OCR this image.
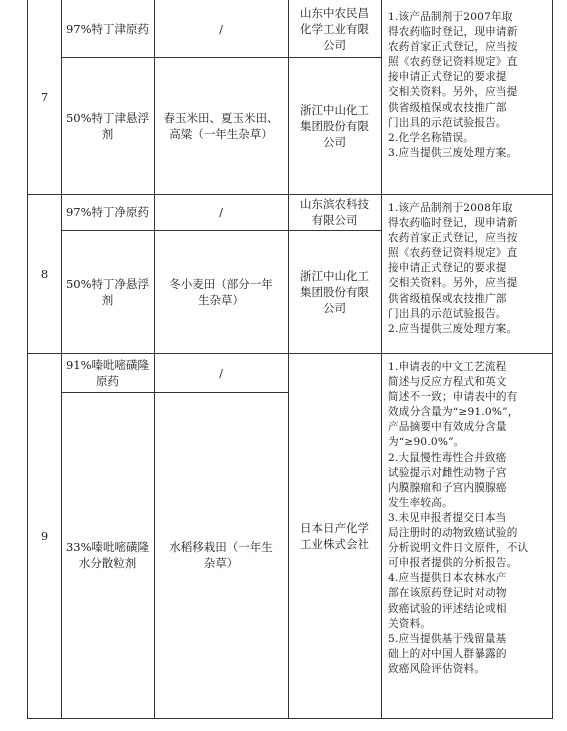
7
97%特丁津原药	/
山东中农民昌
化学工业有限
公司
50%特丁津悬浮
剂
春玉米田、夏玉米田、
高粱（一年生杂草）
浙江中山化工
集团股份有限
公司
1.该产品制剂于2007年取
得农药临时登记，现申请新
农药首家正式登记，应当按
照《农药登记资料规定》直
接申请正式登记的要求提
交相关资料。另外，应当提
供省级植保或农技推广部
门出具的示范试验报告。
2.化学名称错误。
3.应当提供三废处理方案。
8
97%特丁净原药	/
山东滨农科技
有限公司
50%特丁净悬浮
剂
冬小麦田（部分一年
生杂草）
浙江中山化工
集团股份有限
公司
1.该产品制剂于2008年取
得农药临时登记，现申请新
农药首家正式登记，应当按
照《农药登记资料规定》直
接申请正式登记的要求提
交相关资料。另外，应当提
供省级植保或农技推广部
门出具的示范试验报告。
2.应当提供三废处理方案。
9
91%嗪吡嘧磺隆
原药
/
33%嗪吡嘧磺隆
水分散粒剂
水稻移栽田（一年生
杂草）
日本日产化学
工业株式会社
1.申请表的中文工艺流程
简述与反应方程式和英文
简述不一致；申请表中的有
效成分含量为“≥91.0%”，
产品摘要中有效成分含量
为“≥90.0%”。
2.大鼠慢性毒性合并致癌
试验提示对雌性动物子宫
内膜腺瘤和子宫内膜腺癌
发生率较高。
3.未见申报者提交日本当
局注册时的动物致癌试验的
分析说明文件日文原件，不认
可申报者提供的分析报告。
4.应当提供日本农林水产
部在该原药登记时对动物
致癌试验的评述结论或相
关资料。
5.应当提供基于残留量基
础上的对中国人群暴露的
致癌风险评估资料。
